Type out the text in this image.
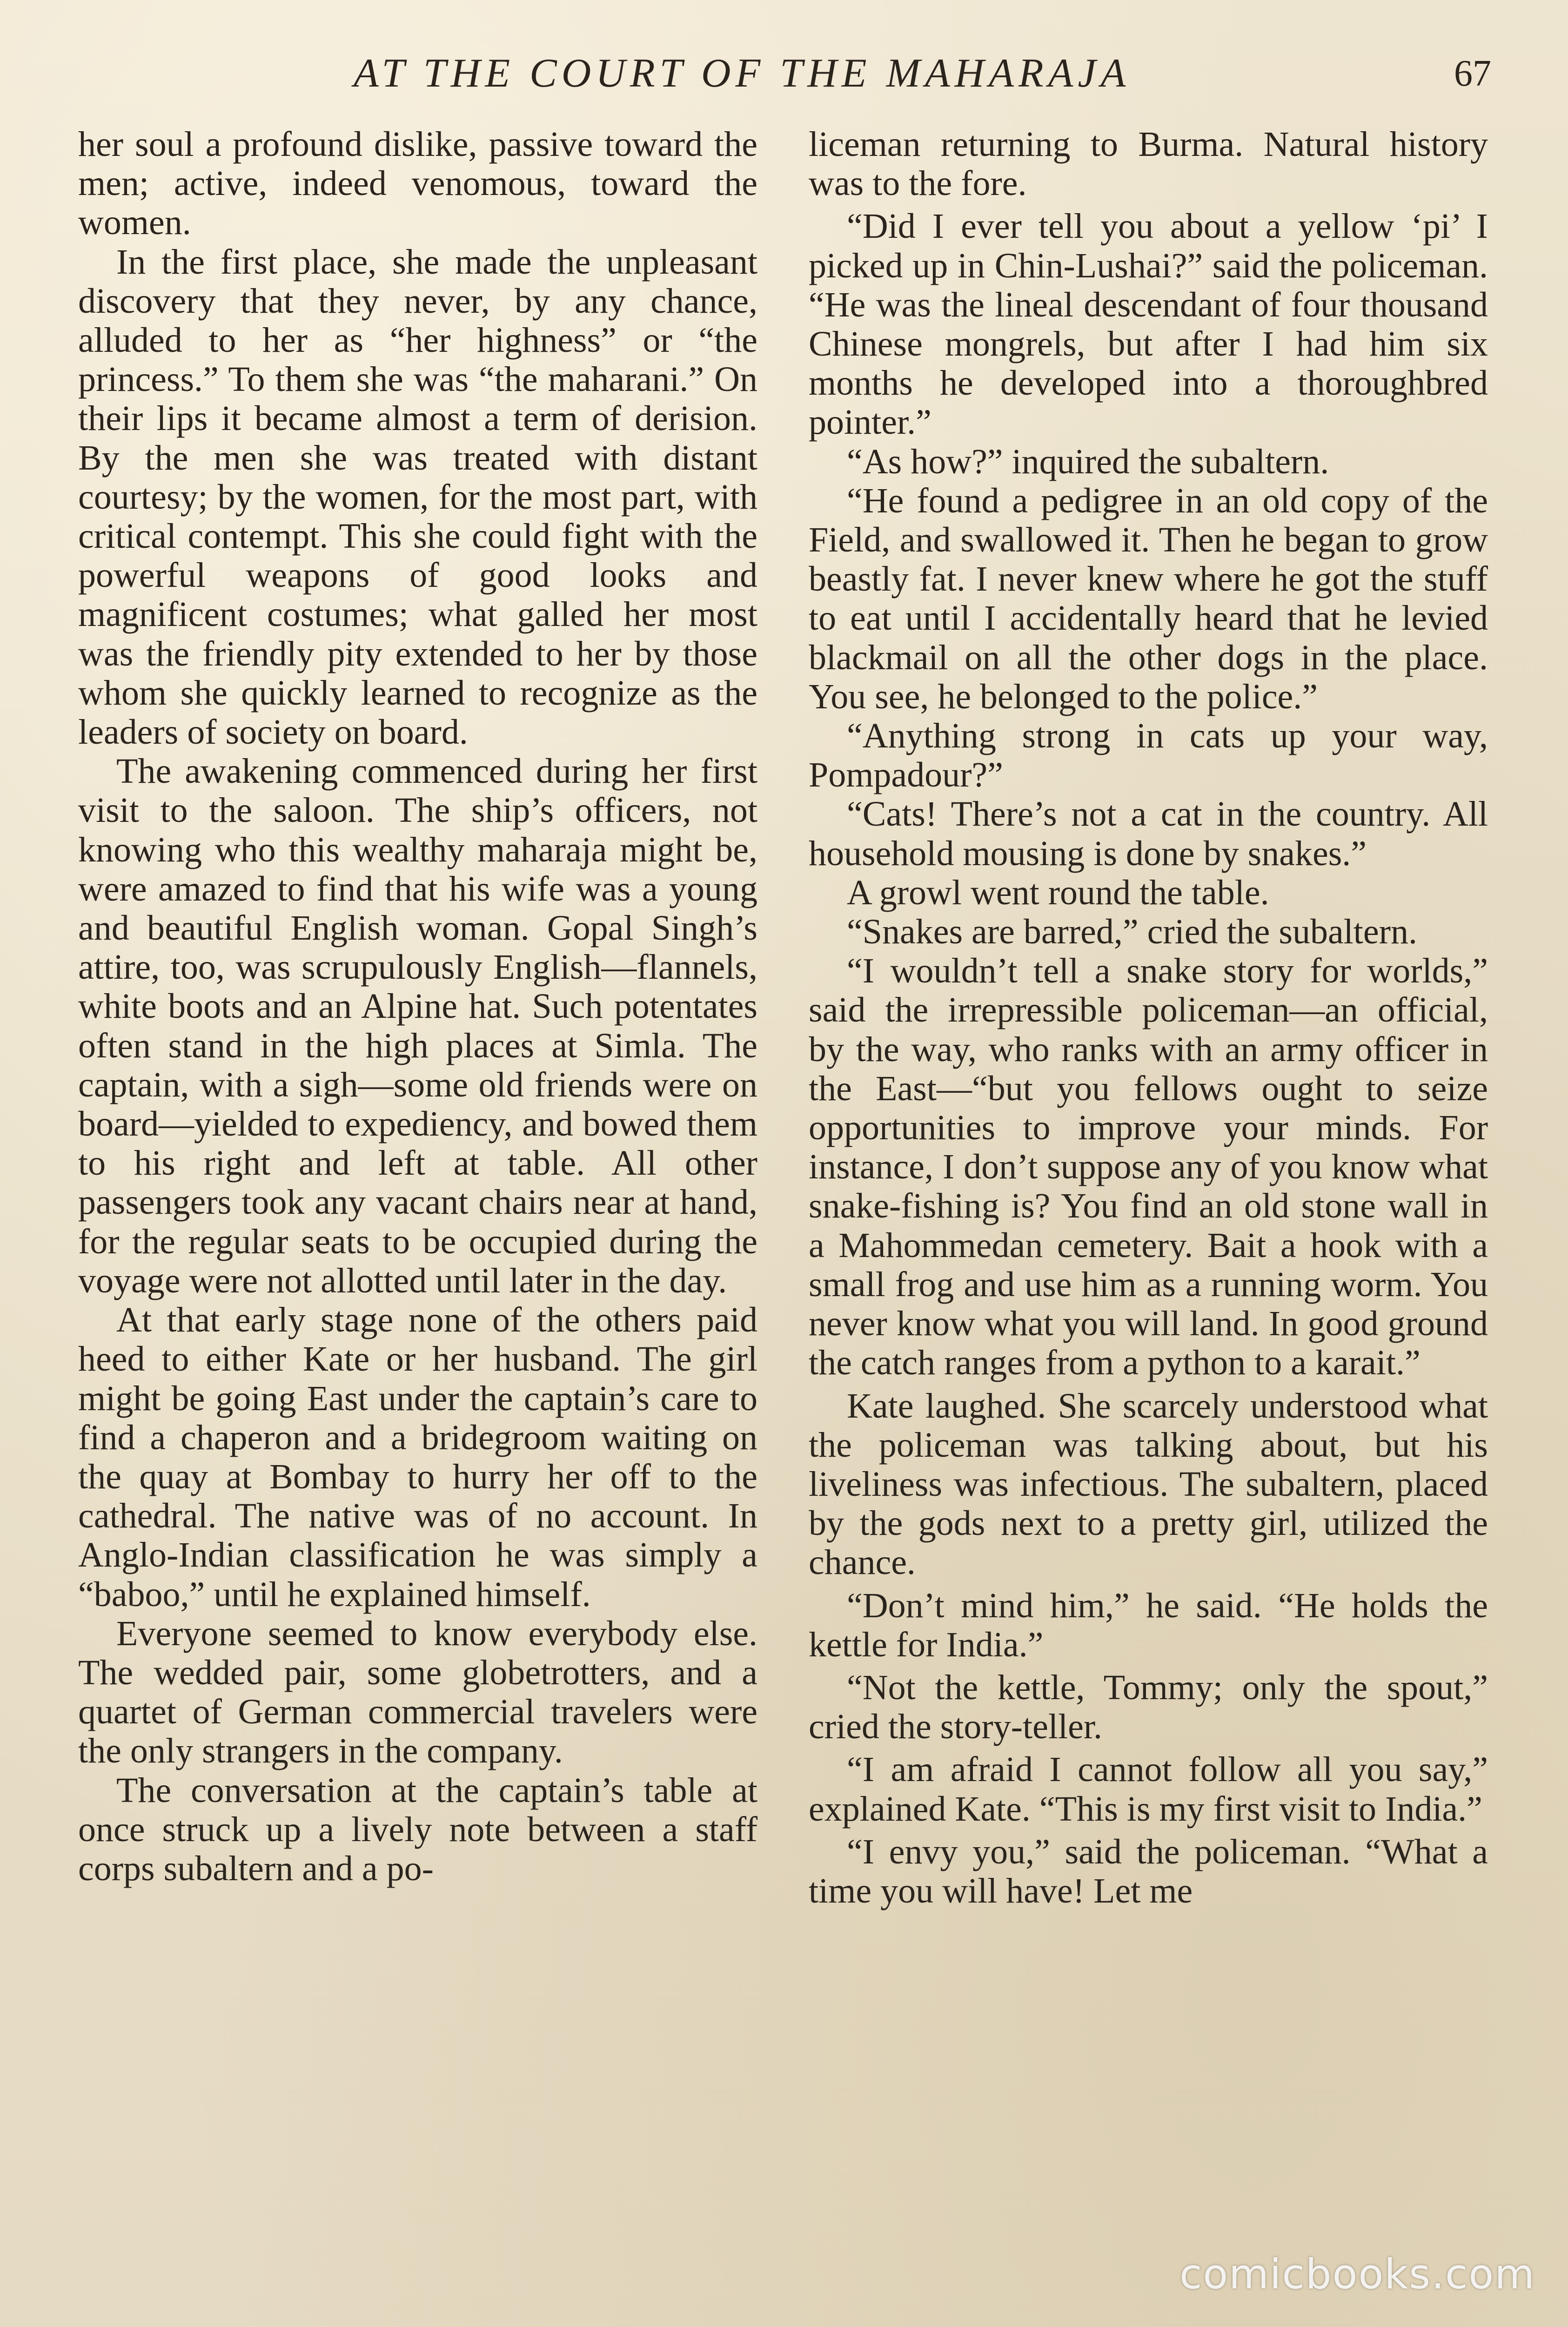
AT THE COURT OF THE MAHARAJA	67

her soul a profound dislike, passive toward the men; active, indeed venomous, toward the women.

In the first place, she made the unpleasant discovery that they never, by any chance, alluded to her as “her highness” or “the princess.” To them she was “the maharani.” On their lips it became almost a term of derision. By the men she was treated with distant courtesy; by the women, for the most part, with critical contempt. This she could fight with the powerful weapons of good looks and magnificent costumes; what galled her most was the friendly pity extended to her by those whom she quickly learned to recognize as the leaders of society on board.

The awakening commenced during her first visit to the saloon. The ship’s officers, not knowing who this wealthy maharaja might be, were amazed to find that his wife was a young and beautiful English woman. Gopal Singh’s attire, too, was scrupulously English—flannels, white boots and an Alpine hat. Such potentates often stand in the high places at Simla. The captain, with a sigh—some old friends were on board—yielded to expediency, and bowed them to his right and left at table. All other passengers took any vacant chairs near at hand, for the regular seats to be occupied during the voyage were not allotted until later in the day.

At that early stage none of the others paid heed to either Kate or her husband. The girl might be going East under the captain’s care to find a chaperon and a bridegroom waiting on the quay at Bombay to hurry her off to the cathedral. The native was of no account. In Anglo-Indian classification he was simply a “baboo,” until he explained himself.

Everyone seemed to know everybody else. The wedded pair, some globetrotters, and a quartet of German commercial travelers were the only strangers in the company.

The conversation at the captain’s table at once struck up a lively note between a staff corps subaltern and a po-

liceman returning to Burma. Natural history was to the fore.

“Did I ever tell you about a yellow ‘pi’ I picked up in Chin-Lushai?” said the policeman. “He was the lineal descendant of four thousand Chinese mongrels, but after I had him six months he developed into a thoroughbred pointer.”

“As how?” inquired the subaltern.

“He found a pedigree in an old copy of the Field, and swallowed it. Then he began to grow beastly fat. I never knew where he got the stuff to eat until I accidentally heard that he levied blackmail on all the other dogs in the place. You see, he belonged to the police.”

“Anything strong in cats up your way, Pompadour?”

“Cats! There’s not a cat in the country. All household mousing is done by snakes.”

A growl went round the table.

“Snakes are barred,” cried the subaltern.

“I wouldn’t tell a snake story for worlds,” said the irrepressible policeman—an official, by the way, who ranks with an army officer in the East—“but you fellows ought to seize opportunities to improve your minds. For instance, I don’t suppose any of you know what snake-fishing is? You find an old stone wall in a Mahommedan cemetery. Bait a hook with a small frog and use him as a running worm. You never know what you will land. In good ground the catch ranges from a python to a karait.”

Kate laughed. She scarcely understood what the policeman was talking about, but his liveliness was infectious. The subaltern, placed by the gods next to a pretty girl, utilized the chance.

“Don’t mind him,” he said. “He holds the kettle for India.”

“Not the kettle, Tommy; only the spout,” cried the story-teller.

“I am afraid I cannot follow all you say,” explained Kate. “This is my first visit to India.”

“I envy you,” said the policeman. “What a time you will have! Let me

comicbooks.com
